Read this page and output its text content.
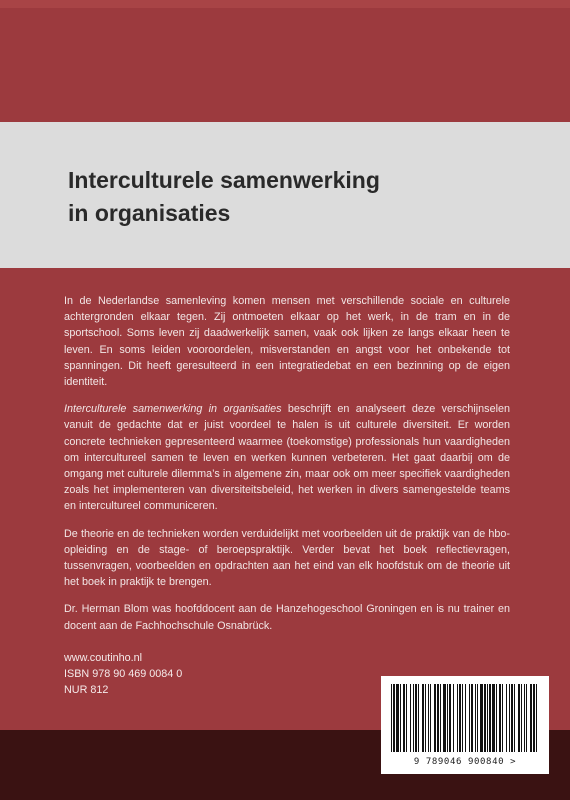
Interculturele samenwerking
in organisaties

In de Nederlandse samenleving komen mensen met verschillende sociale en culturele achtergronden elkaar tegen. Zij ontmoeten elkaar op het werk, in de tram en in de sportschool. Soms leven zij daadwerkelijk samen, vaak ook lijken ze langs elkaar heen te leven. En soms leiden vooroordelen, misverstanden en angst voor het onbekende tot spanningen. Dit heeft geresulteerd in een integratiedebat en een bezinning op de eigen identiteit.

Interculturele samenwerking in organisaties beschrijft en analyseert deze verschijnselen vanuit de gedachte dat er juist voordeel te halen is uit culturele diversiteit. Er worden concrete technieken gepresenteerd waarmee (toekomstige) professionals hun vaardigheden om intercultureel samen te leven en werken kunnen verbeteren. Het gaat daarbij om de omgang met culturele dilemma’s in algemene zin, maar ook om meer specifiek vaardigheden zoals het implementeren van diversiteitsbeleid, het werken in divers samengestelde teams en intercultureel communiceren.

De theorie en de technieken worden verduidelijkt met voorbeelden uit de praktijk van de hbo-opleiding en de stage- of beroepspraktijk. Verder bevat het boek reflectievragen, tussenvragen, voorbeelden en opdrachten aan het eind van elk hoofdstuk om de theorie uit het boek in praktijk te brengen.

Dr. Herman Blom was hoofddocent aan de Hanzehogeschool Groningen en is nu trainer en docent aan de Fachhochschule Osnabrück.

www.coutinho.nl
ISBN 978 90 469 0084 0
NUR 812
9 789046 900840 >
